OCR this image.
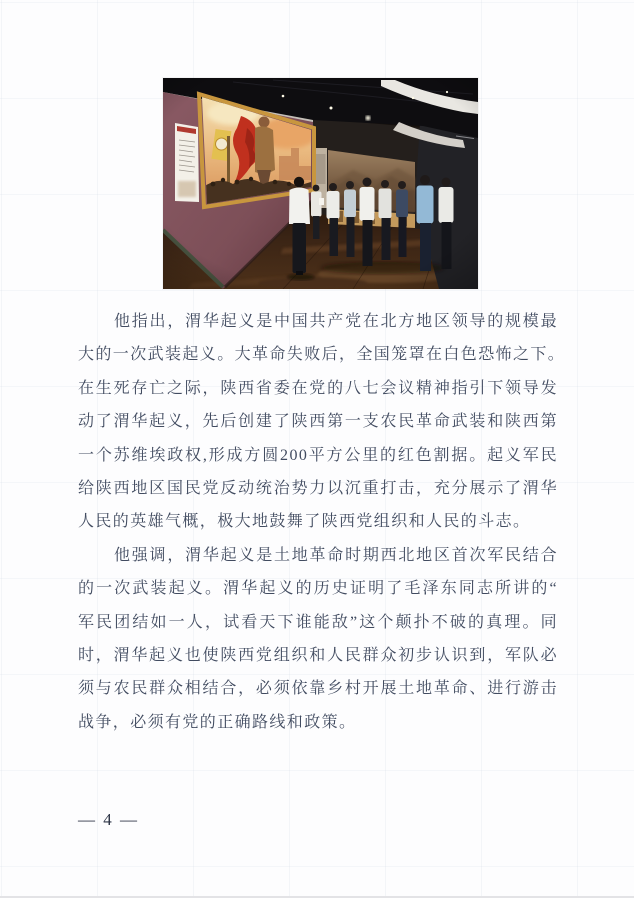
他指出，渭华起义是中国共产党在北方地区领导的规模最
大的一次武装起义。大革命失败后，全国笼罩在白色恐怖之下。
在生死存亡之际，陕西省委在党的八七会议精神指引下领导发
动了渭华起义，先后创建了陕西第一支农民革命武装和陕西第
一个苏维埃政权,形成方圆200平方公里的红色割据。起义军民
给陕西地区国民党反动统治势力以沉重打击，充分展示了渭华
人民的英雄气概，极大地鼓舞了陕西党组织和人民的斗志。
他强调，渭华起义是土地革命时期西北地区首次军民结合
的一次武装起义。渭华起义的历史证明了毛泽东同志所讲的“
军民团结如一人，试看天下谁能敌”这个颠扑不破的真理。同
时，渭华起义也使陕西党组织和人民群众初步认识到，军队必
须与农民群众相结合，必须依靠乡村开展土地革命、进行游击
战争，必须有党的正确路线和政策。
— 4 —
